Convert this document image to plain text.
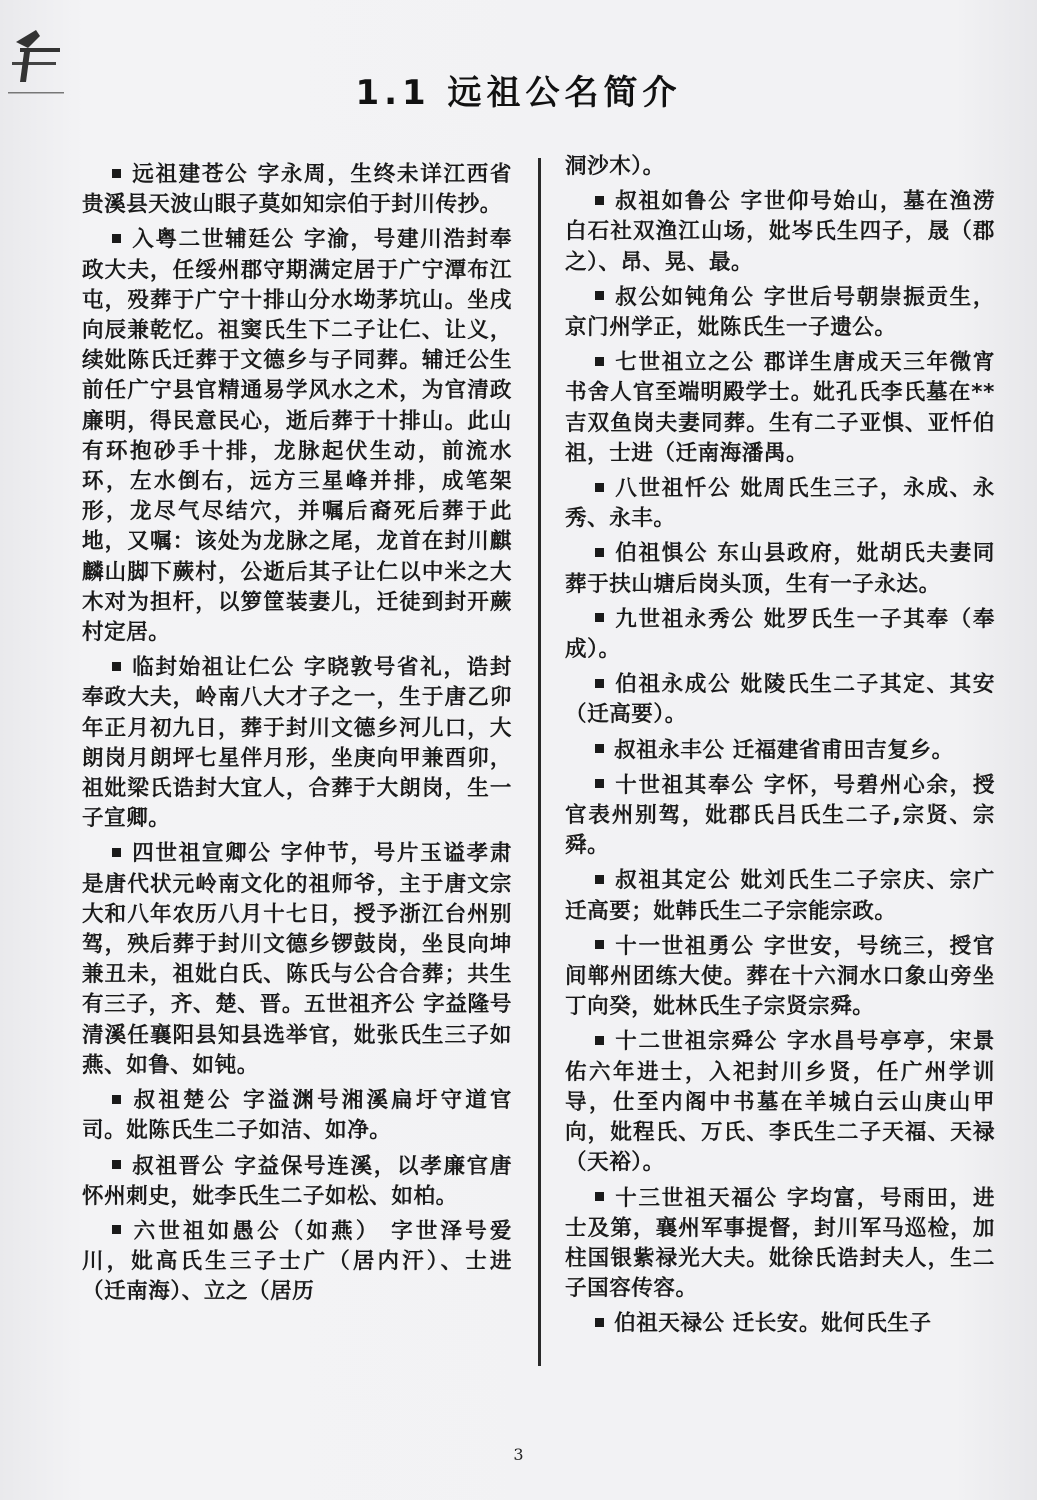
1.1 远祖公名简介

远祖建苍公 字永周，生终未详江西省贵溪县天波山眼子莫如知宗伯于封川传抄。

入粤二世辅廷公 字渝，号建川浩封奉政大夫，任绥州郡守期满定居于广宁潭布江屯，殁葬于广宁十排山分水坳茅坑山。坐戌向辰兼乾忆。祖窦氏生下二子让仁、让义，续妣陈氏迁葬于文德乡与子同葬。辅迁公生前任广宁县官精通易学风水之术，为官清政廉明，得民意民心，逝后葬于十排山。此山有环抱砂手十排，龙脉起伏生动，前流水环，左水倒右，远方三星峰并排，成笔架形，龙尽气尽结穴，并嘱后裔死后葬于此地，又嘱：该处为龙脉之尾，龙首在封川麒麟山脚下蕨村，公逝后其子让仁以中米之大木对为担杆，以箩筐装妻儿，迁徒到封开蕨村定居。

临封始祖让仁公 字晓敦号省礼，诰封奉政大夫，岭南八大才子之一，生于唐乙卯年正月初九日，葬于封川文德乡河儿口，大朗岗月朗坪七星伴月形，坐庚向甲兼酉卯，祖妣梁氏诰封大宜人，合葬于大朗岗，生一子宣卿。

四世祖宣卿公 字仲节，号片玉谥孝肃是唐代状元岭南文化的祖师爷，主于唐文宗大和八年农历八月十七日，授予浙江台州别驾，殃后葬于封川文德乡锣鼓岗，坐艮向坤兼丑未，祖妣白氏、陈氏与公合合葬；共生有三子，齐、楚、晋。五世祖齐公 字益隆号清溪任襄阳县知县选举官，妣张氏生三子如燕、如鲁、如钝。

叔祖楚公 字溢渊号湘溪扁圩守道官司。妣陈氏生二子如洁、如净。

叔祖晋公 字益保号连溪，以孝廉官唐怀州刺史，妣李氏生二子如松、如柏。

六世祖如愚公（如燕） 字世泽号爱川，妣高氏生三子士广（居内汗）、士进（迁南海）、立之（居历

洞沙木）。

叔祖如鲁公 字世仰号始山，墓在渔涝白石社双渔江山场，妣岑氏生四子，晟（郡之）、昂、晃、最。

叔公如钝角公 字世后号朝崇振贡生，京门州学正，妣陈氏生一子遗公。

七世祖立之公 郡详生唐成天三年微宵书舍人官至端明殿学士。妣孔氏李氏墓在**吉双鱼岗夫妻同葬。生有二子亚惧、亚忏伯祖，士进（迁南海潘禺。

八世祖忏公 妣周氏生三子，永成、永秀、永丰。

伯祖惧公 东山县政府，妣胡氏夫妻同葬于扶山塘后岗头顶，生有一子永达。

九世祖永秀公 妣罗氏生一子其奉（奉成）。

伯祖永成公 妣陵氏生二子其定、其安（迁高要）。

叔祖永丰公 迁福建省甫田吉复乡。

十世祖其奉公 字怀，号碧州心余，授官表州别驾，妣郡氏吕氏生二子,宗贤、宗舜。

叔祖其定公 妣刘氏生二子宗庆、宗广迁高要；妣韩氏生二子宗能宗政。

十一世祖勇公 字世安，号统三，授官间郸州团练大使。葬在十六洞水口象山旁坐丁向癸，妣林氏生子宗贤宗舜。

十二世祖宗舜公 字水昌号亭亭，宋景佑六年进士，入祀封川乡贤，任广州学训导，仕至内阁中书墓在羊城白云山庚山甲向，妣程氏、万氏、李氏生二子天福、天禄（天裕）。

十三世祖天福公 字均富，号雨田，进士及第，襄州军事提督，封川军马巡检，加柱国银紫禄光大夫。妣徐氏诰封夫人，生二子国容传容。

伯祖天禄公 迁长安。妣何氏生子

3
